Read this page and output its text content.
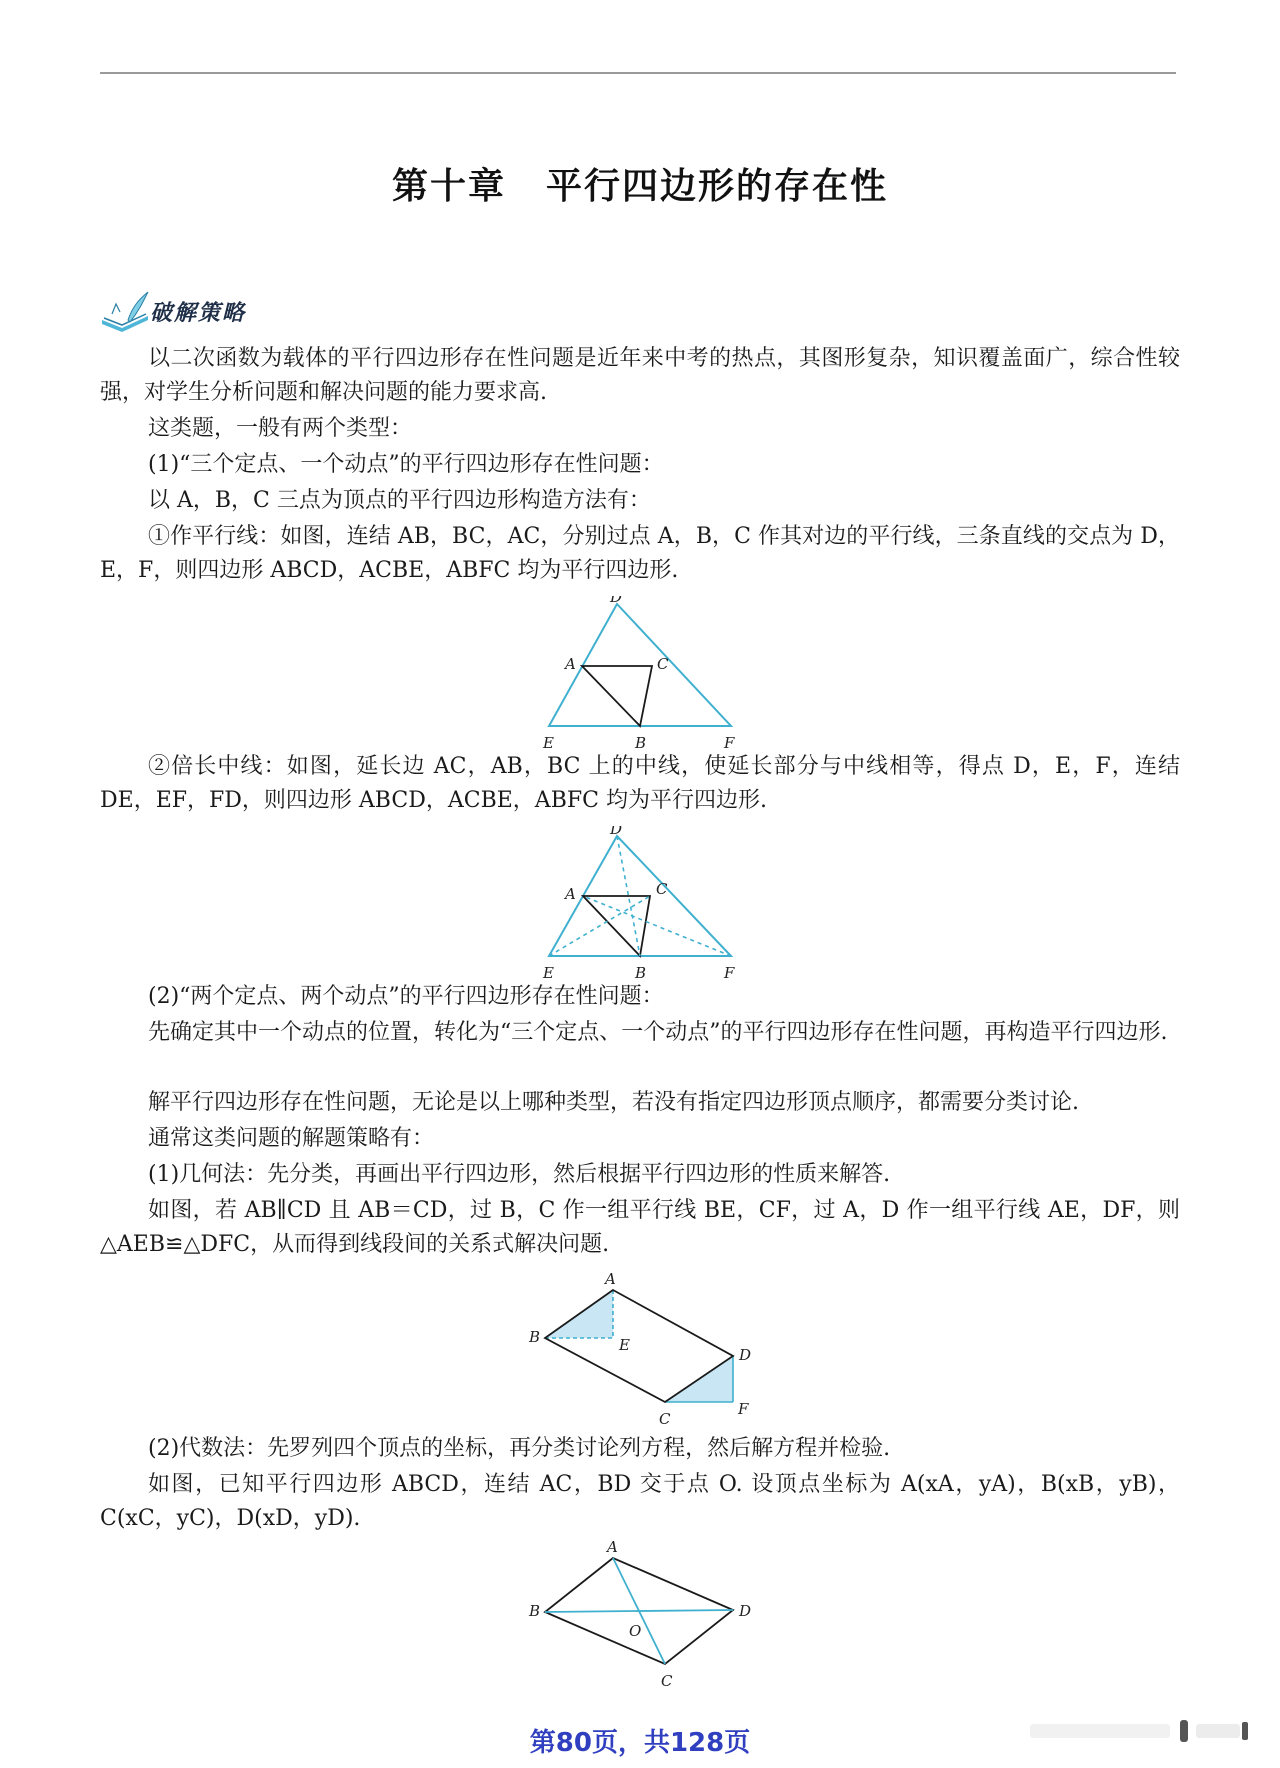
第十章 平行四边形的存在性
破解策略
以二次函数为载体的平行四边形存在性问题是近年来中考的热点，其图形复杂，知识覆盖面广，综合性较强，对学生分析问题和解决问题的能力要求高.
这类题，一般有两个类型：
(1)“三个定点、一个动点”的平行四边形存在性问题：
以 A，B，C 三点为顶点的平行四边形构造方法有：
①作平行线：如图，连结 AB，BC，AC，分别过点 A，B，C 作其对边的平行线，三条直线的交点为 D，E，F，则四边形 ABCD，ACBE，ABFC 均为平行四边形.
D
A	C
E	B	F
②倍长中线：如图，延长边 AC，AB，BC 上的中线，使延长部分与中线相等，得点 D，E，F，连结 DE，EF，FD，则四边形 ABCD，ACBE，ABFC 均为平行四边形.
D
A	C
E	B	F
(2)“两个定点、两个动点”的平行四边形存在性问题：
先确定其中一个动点的位置，转化为“三个定点、一个动点”的平行四边形存在性问题，再构造平行四边形.
解平行四边形存在性问题，无论是以上哪种类型，若没有指定四边形顶点顺序，都需要分类讨论.
通常这类问题的解题策略有：
(1)几何法：先分类，再画出平行四边形，然后根据平行四边形的性质来解答.
如图，若 AB∥CD 且 AB＝CD，过 B，C 作一组平行线 BE，CF，过 A，D 作一组平行线 AE，DF，则 △AEB≌△DFC，从而得到线段间的关系式解决问题.
A
B	E
D
F
C
(2)代数法：先罗列四个顶点的坐标，再分类讨论列方程，然后解方程并检验.
如图，已知平行四边形 ABCD，连结 AC，BD 交于点 O. 设顶点坐标为 A(xA，yA)，B(xB，yB)，C(xC，yC)，D(xD，yD).
A
B	D
O
C
第80页，共128页
